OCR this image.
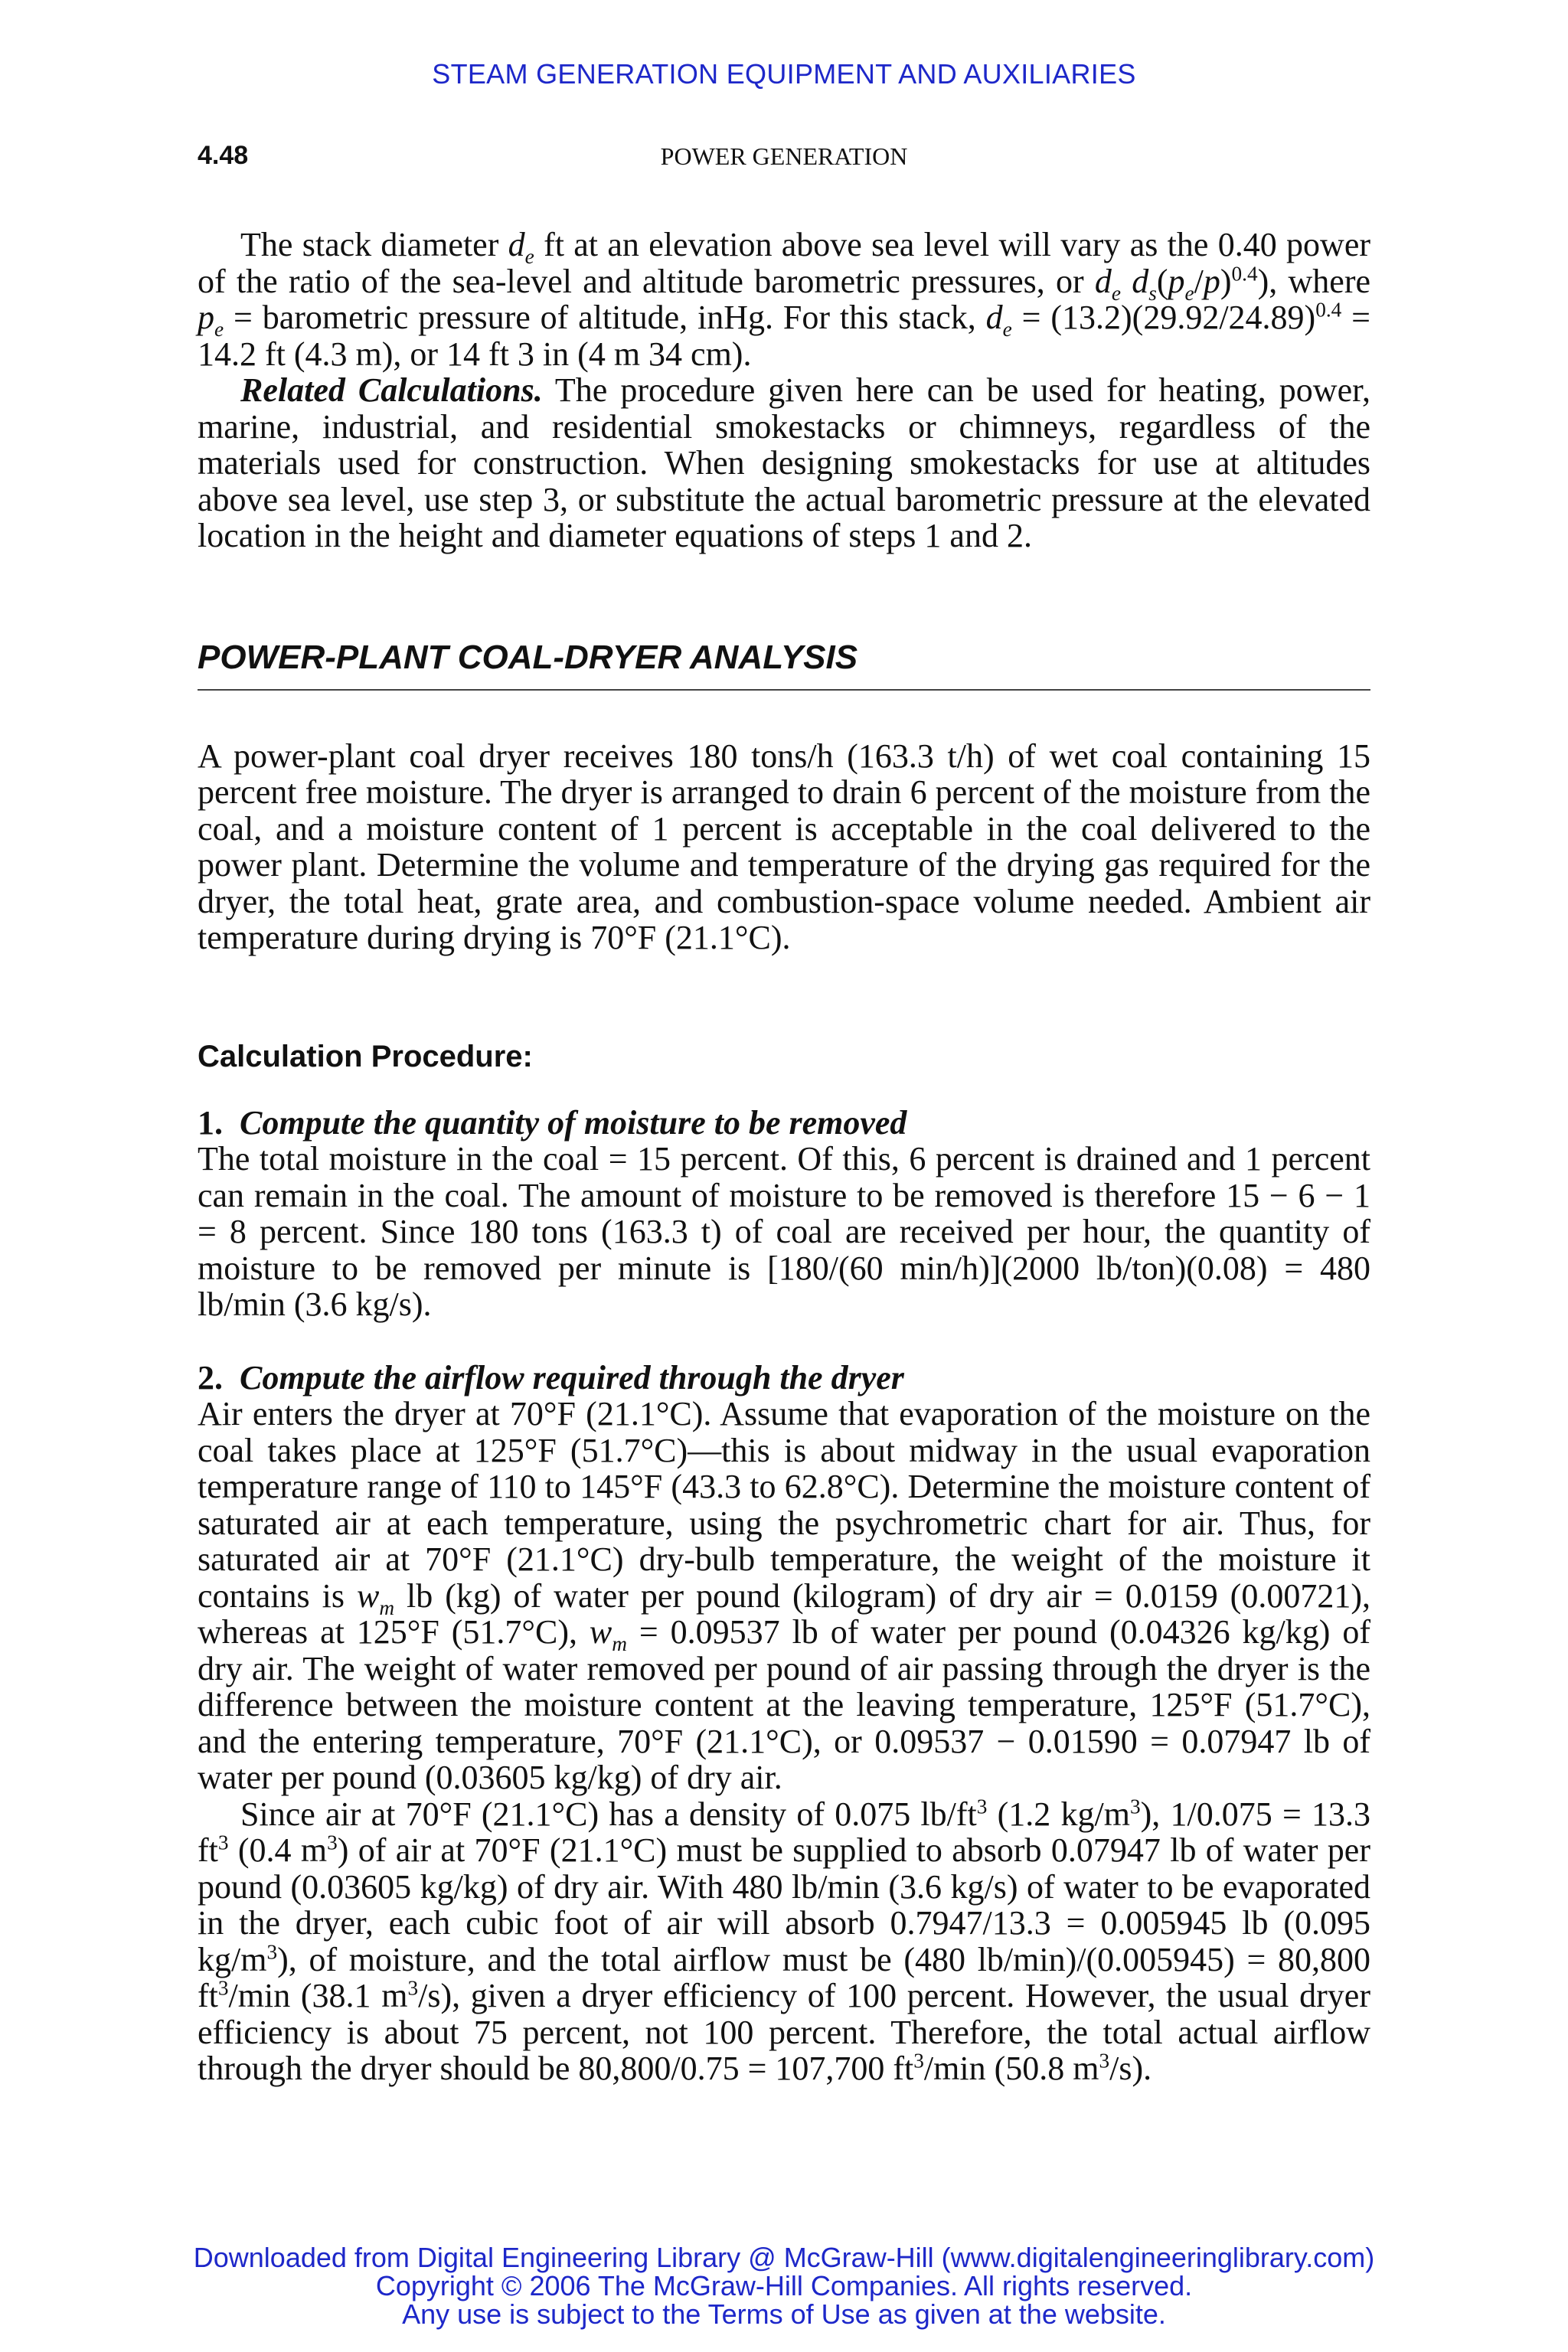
STEAM GENERATION EQUIPMENT AND AUXILIARIES
4.48	POWER GENERATION

The stack diameter $d_e$ ft at an elevation above sea level will vary as the 0.40 power of the ratio of the sea-level and altitude barometric pressures, or $d_e$ $d_s(p_e/p)^{0.4}$), where $p_e$ = barometric pressure of altitude, inHg. For this stack, $d_e = (13.2)(29.92/24.89)^{0.4} = 14.2$ ft (4.3 m), or 14 ft 3 in (4 m 34 cm).

Related Calculations. The procedure given here can be used for heating, power, marine, industrial, and residential smokestacks or chimneys, regardless of the materials used for construction. When designing smokestacks for use at altitudes above sea level, use step 3, or substitute the actual barometric pressure at the elevated location in the height and diameter equations of steps 1 and 2.

POWER-PLANT COAL-DRYER ANALYSIS

A power-plant coal dryer receives 180 tons/h (163.3 t/h) of wet coal containing 15 percent free moisture. The dryer is arranged to drain 6 percent of the moisture from the coal, and a moisture content of 1 percent is acceptable in the coal delivered to the power plant. Determine the volume and temperature of the drying gas required for the dryer, the total heat, grate area, and combustion-space volume needed. Ambient air temperature during drying is 70°F (21.1°C).

Calculation Procedure:
1. Compute the quantity of moisture to be removed

The total moisture in the coal = 15 percent. Of this, 6 percent is drained and 1 percent can remain in the coal. The amount of moisture to be removed is therefore 15 − 6 − 1 = 8 percent. Since 180 tons (163.3 t) of coal are received per hour, the quantity of moisture to be removed per minute is [180/(60 min/h)](2000 lb/ton)(0.08) = 480 lb/min (3.6 kg/s).

2. Compute the airflow required through the dryer

Air enters the dryer at 70°F (21.1°C). Assume that evaporation of the moisture on the coal takes place at 125°F (51.7°C)—this is about midway in the usual evaporation temperature range of 110 to 145°F (43.3 to 62.8°C). Determine the moisture content of saturated air at each temperature, using the psychrometric chart for air. Thus, for saturated air at 70°F (21.1°C) dry-bulb temperature, the weight of the moisture it contains is $w_m$ lb (kg) of water per pound (kilogram) of dry air = 0.0159 (0.00721), whereas at 125°F (51.7°C), $w_m = 0.09537$ lb of water per pound (0.04326 kg/kg) of dry air. The weight of water removed per pound of air passing through the dryer is the difference between the moisture content at the leaving temperature, 125°F (51.7°C), and the entering temperature, 70°F (21.1°C), or 0.09537 − 0.01590 = 0.07947 lb of water per pound (0.03605 kg/kg) of dry air.

Since air at 70°F (21.1°C) has a density of 0.075 $lb/ft^3$ (1.2 $kg/m^3$), 1/0.075 = 13.3 $ft^3$ (0.4 $m^3$) of air at 70°F (21.1°C) must be supplied to absorb 0.07947 lb of water per pound (0.03605 kg/kg) of dry air. With 480 lb/min (3.6 kg/s) of water to be evaporated in the dryer, each cubic foot of air will absorb 0.7947/13.3 = 0.005945 lb (0.095 $kg/m^3$), of moisture, and the total airflow must be (480 lb/min)/(0.005945) = 80,800 $ft^3/\min$ (38.1 $m^3/s$), given a dryer efficiency of 100 percent. However, the usual dryer efficiency is about 75 percent, not 100 percent. Therefore, the total actual airflow through the dryer should be 80,800/0.75 = 107,700 $ft^3/\min$ (50.8 $m^3/s$).

Downloaded from Digital Engineering Library @ McGraw-Hill (www.digitalengineeringlibrary.com)
Copyright © 2006 The McGraw-Hill Companies. All rights reserved.
Any use is subject to the Terms of Use as given at the website.
